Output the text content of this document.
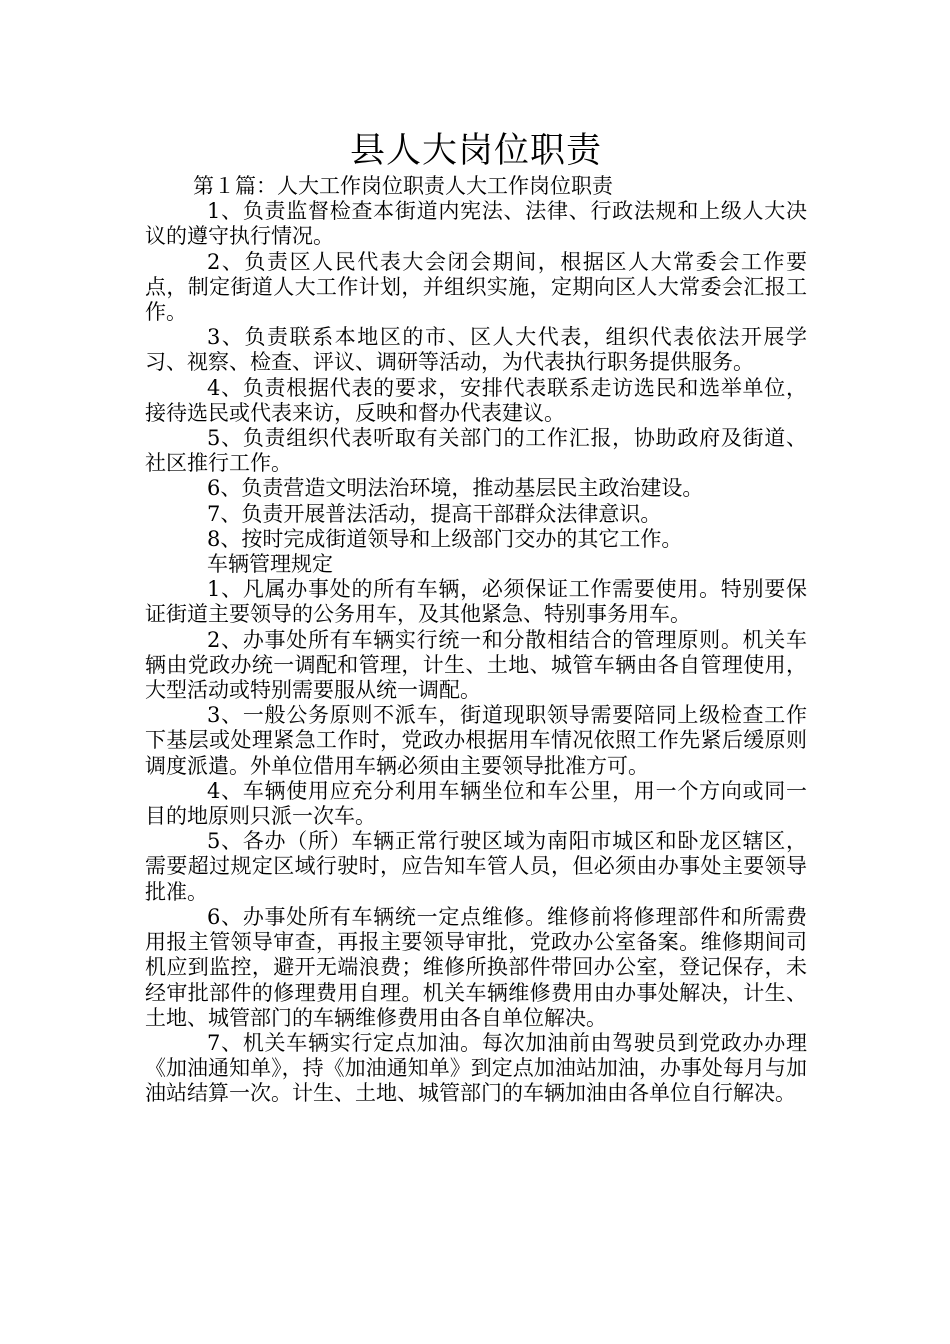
县人大岗位职责

第１篇：人大工作岗位职责人大工作岗位职责

1、负责监督检查本街道内宪法、法律、行政法规和上级人大决议的遵守执行情况。

2、负责区人民代表大会闭会期间，根据区人大常委会工作要点，制定街道人大工作计划，并组织实施，定期向区人大常委会汇报工作。

3、负责联系本地区的市、区人大代表，组织代表依法开展学习、视察、检查、评议、调研等活动，为代表执行职务提供服务。

4、负责根据代表的要求，安排代表联系走访选民和选举单位，接待选民或代表来访，反映和督办代表建议。

5、负责组织代表听取有关部门的工作汇报，协助政府及街道、社区推行工作。

6、负责营造文明法治环境，推动基层民主政治建设。

7、负责开展普法活动，提高干部群众法律意识。

8、按时完成街道领导和上级部门交办的其它工作。

车辆管理规定

1、凡属办事处的所有车辆，必须保证工作需要使用。特别要保证街道主要领导的公务用车，及其他紧急、特别事务用车。

2、办事处所有车辆实行统一和分散相结合的管理原则。机关车辆由党政办统一调配和管理，计生、土地、城管车辆由各自管理使用，大型活动或特别需要服从统一调配。

3、一般公务原则不派车，街道现职领导需要陪同上级检查工作下基层或处理紧急工作时，党政办根据用车情况依照工作先紧后缓原则调度派遣。外单位借用车辆必须由主要领导批准方可。

4、车辆使用应充分利用车辆坐位和车公里，用一个方向或同一目的地原则只派一次车。

5、各办（所）车辆正常行驶区域为南阳市城区和卧龙区辖区，需要超过规定区域行驶时，应告知车管人员，但必须由办事处主要领导批准。

6、办事处所有车辆统一定点维修。维修前将修理部件和所需费用报主管领导审查，再报主要领导审批，党政办公室备案。维修期间司机应到监控，避开无端浪费；维修所换部件带回办公室，登记保存，未经审批部件的修理费用自理。机关车辆维修费用由办事处解决，计生、土地、城管部门的车辆维修费用由各自单位解决。

7、机关车辆实行定点加油。每次加油前由驾驶员到党政办办理《加油通知单》，持《加油通知单》到定点加油站加油，办事处每月与加油站结算一次。计生、土地、城管部门的车辆加油由各单位自行解决。
